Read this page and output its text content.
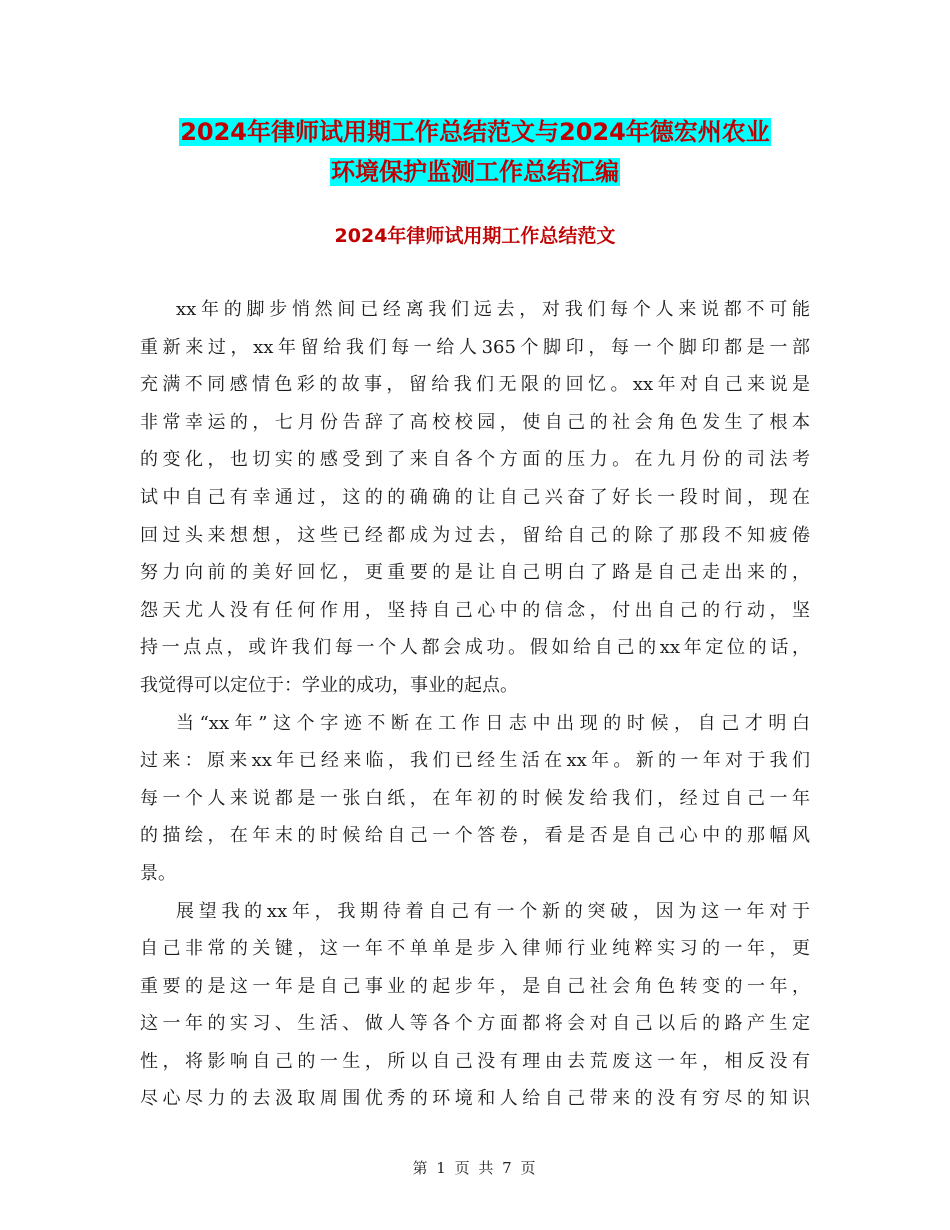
2024年律师试用期工作总结范文与2024年德宏州农业
环境保护监测工作总结汇编
2024年律师试用期工作总结范文
xx年的脚步悄然间已经离我们远去，对我们每个人来说都不可能
重新来过，xx年留给我们每一给人365个脚印，每一个脚印都是一部
充满不同感情色彩的故事，留给我们无限的回忆。xx年对自己来说是
非常幸运的，七月份告辞了高校校园，使自己的社会角色发生了根本
的变化，也切实的感受到了来自各个方面的压力。在九月份的司法考
试中自己有幸通过，这的的确确的让自己兴奋了好长一段时间，现在
回过头来想想，这些已经都成为过去，留给自己的除了那段不知疲倦
努力向前的美好回忆，更重要的是让自己明白了路是自己走出来的，
怨天尤人没有任何作用，坚持自己心中的信念，付出自己的行动，坚
持一点点，或许我们每一个人都会成功。假如给自己的xx年定位的话，
我觉得可以定位于：学业的成功，事业的起点。
当“xx年”这个字迹不断在工作日志中出现的时候，自己才明白
过来：原来xx年已经来临，我们已经生活在xx年。新的一年对于我们
每一个人来说都是一张白纸，在年初的时候发给我们，经过自己一年
的描绘，在年末的时候给自己一个答卷，看是否是自己心中的那幅风
景。
展望我的xx年，我期待着自己有一个新的突破，因为这一年对于
自己非常的关键，这一年不单单是步入律师行业纯粹实习的一年，更
重要的是这一年是自己事业的起步年，是自己社会角色转变的一年，
这一年的实习、生活、做人等各个方面都将会对自己以后的路产生定
性，将影响自己的一生，所以自己没有理由去荒废这一年，相反没有
尽心尽力的去汲取周围优秀的环境和人给自己带来的没有穷尽的知识
第 1 页 共 7 页
